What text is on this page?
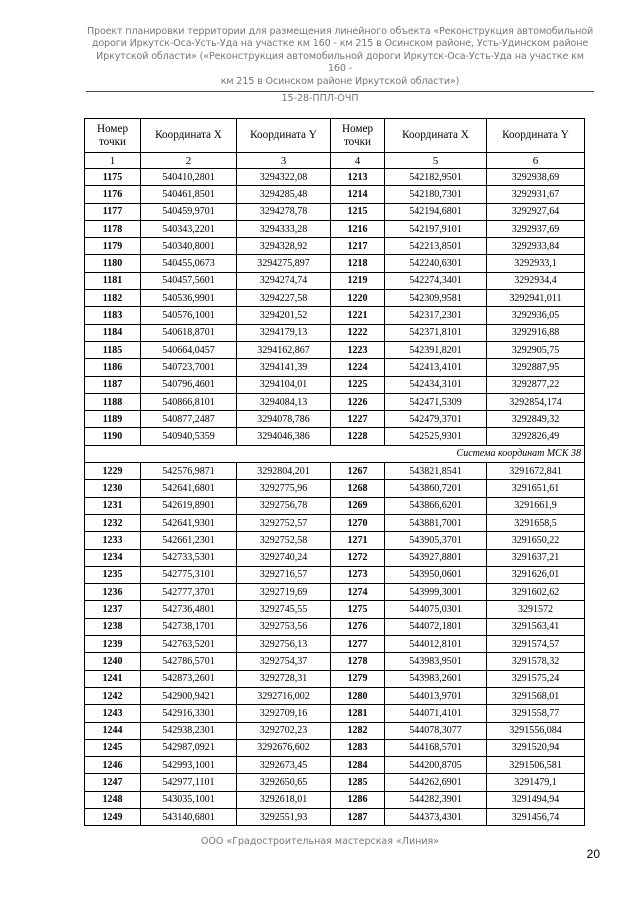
Проект планировки территории для размещения линейного объекта «Реконструкция автомобильной
дороги Иркутск-Оса-Усть-Уда на участке км 160 - км 215 в Осинском районе, Усть-Удинском районе
Иркутской области» («Реконструкция автомобильной дороги Иркутск-Оса-Усть-Уда на участке км 160 -
км 215 в Осинском районе Иркутской области»)
15-28-ППЛ-ОЧП
Номер точки	Координата X	Координата Y	Номер точки	Координата X	Координата Y
1	2	3	4	5	6
1175	540410,2801	3294322,08	1213	542182,9501	3292938,69
1176	540461,8501	3294285,48	1214	542180,7301	3292931,67
1177	540459,9701	3294278,78	1215	542194,6801	3292927,64
1178	540343,2201	3294333,28	1216	542197,9101	3292937,69
1179	540340,8001	3294328,92	1217	542213,8501	3292933,84
1180	540455,0673	3294275,897	1218	542240,6301	3292933,1
1181	540457,5601	3294274,74	1219	542274,3401	3292934,4
1182	540536,9901	3294227,58	1220	542309,9581	3292941,011
1183	540576,1001	3294201,52	1221	542317,2301	3292936,05
1184	540618,8701	3294179,13	1222	542371,8101	3292916,88
1185	540664,0457	3294162,867	1223	542391,8201	3292905,75
1186	540723,7001	3294141,39	1224	542413,4101	3292887,95
1187	540796,4601	3294104,01	1225	542434,3101	3292877,22
1188	540866,8101	3294084,13	1226	542471,5309	3292854,174
1189	540877,2487	3294078,786	1227	542479,3701	3292849,32
1190	540940,5359	3294046,386	1228	542525,9301	3292826,49
Система координат МСК 38					
1229	542576,9871	3292804,201	1267	543821,8541	3291672,841
1230	542641,6801	3292775,96	1268	543860,7201	3291651,61
1231	542619,8901	3292756,78	1269	543866,6201	3291661,9
1232	542641,9301	3292752,57	1270	543881,7001	3291658,5
1233	542661,2301	3292752,58	1271	543905,3701	3291650,22
1234	542733,5301	3292740,24	1272	543927,8801	3291637,21
1235	542775,3101	3292716,57	1273	543950,0601	3291626,01
1236	542777,3701	3292719,69	1274	543999,3001	3291602,62
1237	542736,4801	3292745,55	1275	544075,0301	3291572
1238	542738,1701	3292753,56	1276	544072,1801	3291563,41
1239	542763,5201	3292756,13	1277	544012,8101	3291574,57
1240	542786,5701	3292754,37	1278	543983,9501	3291578,32
1241	542873,2601	3292728,31	1279	543983,2601	3291575,24
1242	542900,9421	3292716,002	1280	544013,9701	3291568,01
1243	542916,3301	3292709,16	1281	544071,4101	3291558,77
1244	542938,2301	3292702,23	1282	544078,3077	3291556,084
1245	542987,0921	3292676,602	1283	544168,5701	3291520,94
1246	542993,1001	3292673,45	1284	544200,8705	3291506,581
1247	542977,1101	3292650,65	1285	544262,6901	3291479,1
1248	543035,1001	3292618,01	1286	544282,3901	3291494,94
1249	543140,6801	3292551,93	1287	544373,4301	3291456,74
ООО «Градостроительная мастерская «Линия»
20
